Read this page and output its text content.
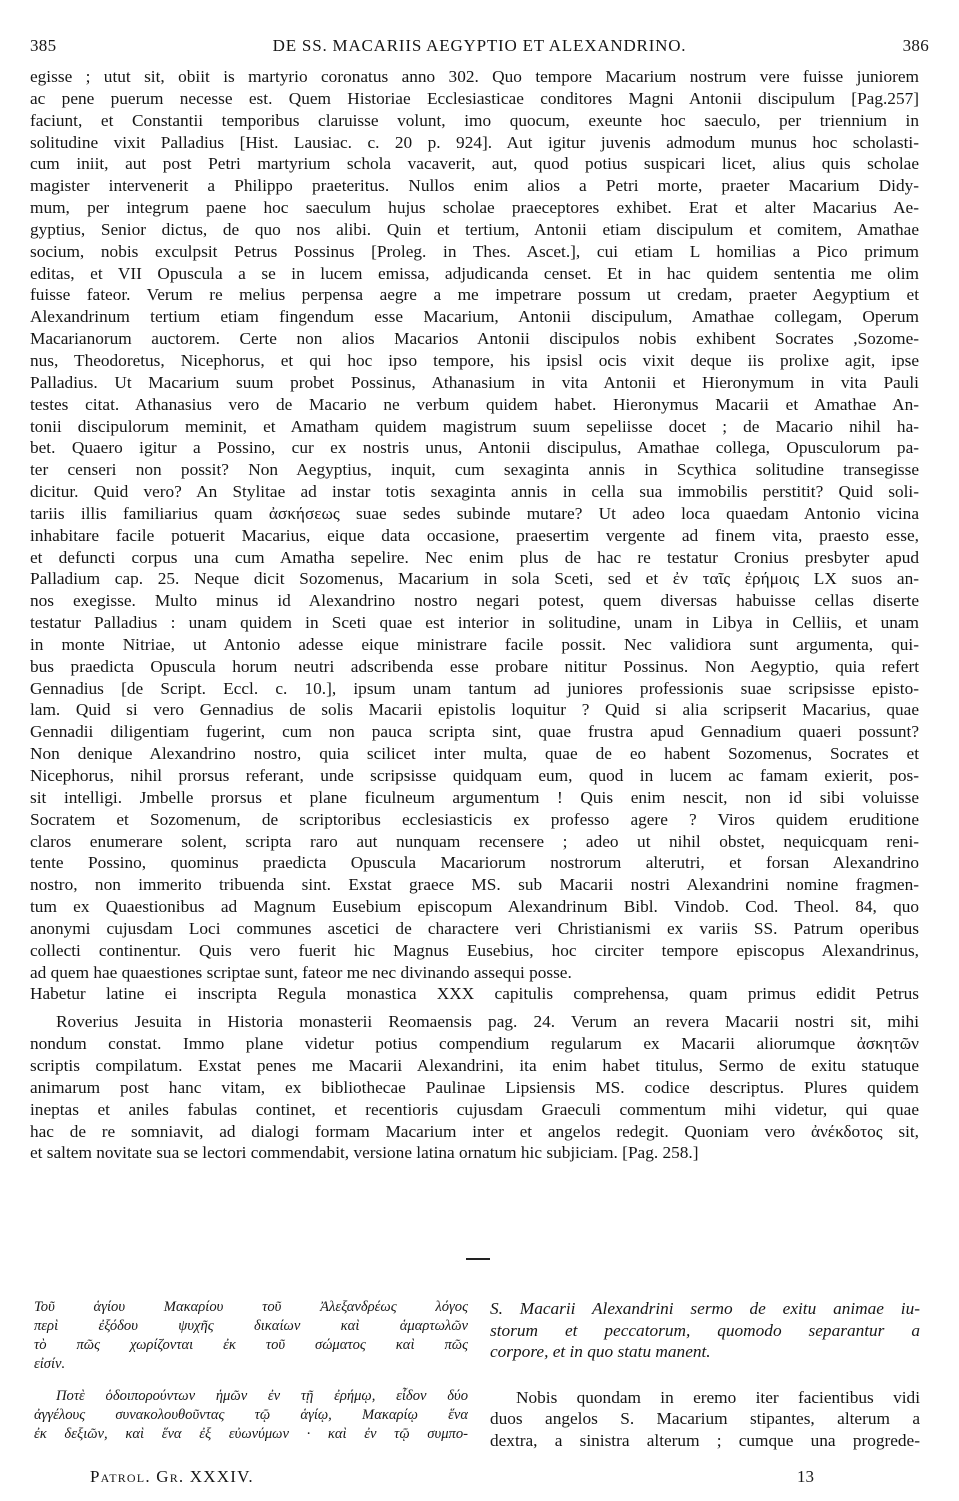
385	DE SS. MACARIIS AEGYPTIO ET ALEXANDRINO.	386
egisse ; utut sit, obiit is martyrio coronatus anno 302. Quo tempore Macarium nostrum vere fuisse juniorem
ac pene puerum necesse est. Quem Historiae Ecclesiasticae conditores Magni Antonii discipulum [Pag.257]
faciunt, et Constantii temporibus claruisse volunt, imo quocum, exeunte hoc saeculo, per triennium in
solitudine vixit Palladius [Hist. Lausiac. c. 20 p. 924]. Aut igitur juvenis admodum munus hoc scholasti-
cum iniit, aut post Petri martyrium schola vacaverit, aut, quod potius suspicari licet, alius quis scholae
magister intervenerit a Philippo praeteritus. Nullos enim alios a Petri morte, praeter Macarium Didy-
mum, per integrum paene hoc saeculum hujus scholae praeceptores exhibet. Erat et alter Macarius Ae-
gyptius, Senior dictus, de quo nos alibi. Quin et tertium, Antonii etiam discipulum et comitem, Amathae
socium, nobis exculpsit Petrus Possinus [Proleg. in Thes. Ascet.], cui etiam L homilias a Pico primum
editas, et VII Opuscula a se in lucem emissa, adjudicanda censet. Et in hac quidem sententia me olim
fuisse fateor. Verum re melius perpensa aegre a me impetrare possum ut credam, praeter Aegyptium et
Alexandrinum tertium etiam fingendum esse Macarium, Antonii discipulum, Amathae collegam, Operum
Macarianorum auctorem. Certe non alios Macarios Antonii discipulos nobis exhibent Socrates ,Sozome-
nus, Theodoretus, Nicephorus, et qui hoc ipso tempore, his ipsisl ocis vixit deque iis prolixe agit, ipse
Palladius. Ut Macarium suum probet Possinus, Athanasium in vita Antonii et Hieronymum in vita Pauli
testes citat. Athanasius vero de Macario ne verbum quidem habet. Hieronymus Macarii et Amathae An-
tonii discipulorum meminit, et Amatham quidem magistrum suum sepeliisse docet ; de Macario nihil ha-
bet. Quaero igitur a Possino, cur ex nostris unus, Antonii discipulus, Amathae collega, Opusculorum pa-
ter censeri non possit? Non Aegyptius, inquit, cum sexaginta annis in Scythica solitudine transegisse
dicitur. Quid vero? An Stylitae ad instar totis sexaginta annis in cella sua immobilis perstitit? Quid soli-
tariis illis familiarius quam ἀσκήσεως suae sedes subinde mutare? Ut adeo loca quaedam Antonio vicina
inhabitare facile potuerit Macarius, eique data occasione, praesertim vergente ad finem vita, praesto esse,
et defuncti corpus una cum Amatha sepelire. Nec enim plus de hac re testatur Cronius presbyter apud
Palladium cap. 25. Neque dicit Sozomenus, Macarium in sola Sceti, sed et ἐν ταῖς ἐρήμοις LX suos an-
nos exegisse. Multo minus id Alexandrino nostro negari potest, quem diversas habuisse cellas diserte
testatur Palladius : unam quidem in Sceti quae est interior in solitudine, unam in Libya in Celliis, et unam
in monte Nitriae, ut Antonio adesse eique ministrare facile possit. Nec validiora sunt argumenta, qui-
bus praedicta Opuscula horum neutri adscribenda esse probare nititur Possinus. Non Aegyptio, quia refert
Gennadius [de Script. Eccl. c. 10.], ipsum unam tantum ad juniores professionis suae scripsisse episto-
lam. Quid si vero Gennadius de solis Macarii epistolis loquitur ? Quid si alia scripserit Macarius, quae
Gennadii diligentiam fugerint, cum non pauca scripta sint, quae frustra apud Gennadium quaeri possunt?
Non denique Alexandrino nostro, quia scilicet inter multa, quae de eo habent Sozomenus, Socrates et
Nicephorus, nihil prorsus referant, unde scripsisse quidquam eum, quod in lucem ac famam exierit, pos-
sit intelligi. Jmbelle prorsus et plane ficulneum argumentum ! Quis enim nescit, non id sibi voluisse
Socratem et Sozomenum, de scriptoribus ecclesiasticis ex professo agere ? Viros quidem eruditione
claros enumerare solent, scripta raro aut nunquam recensere ; adeo ut nihil obstet, nequicquam reni-
tente Possino, quominus praedicta Opuscula Macariorum nostrorum alterutri, et forsan Alexandrino
nostro, non immerito tribuenda sint. Exstat graece MS. sub Macarii nostri Alexandrini nomine fragmen-
tum ex Quaestionibus ad Magnum Eusebium episcopum Alexandrinum Bibl. Vindob. Cod. Theol. 84, quo
anonymi cujusdam Loci communes ascetici de charactere veri Christianismi ex variis SS. Patrum operibus
collecti continentur. Quis vero fuerit hic Magnus Eusebius, hoc circiter tempore episcopus Alexandrinus,
ad quem hae quaestiones scriptae sunt, fateor me nec divinando assequi posse.
Habetur latine ei inscripta Regula monastica XXX capitulis comprehensa, quam primus edidit Petrus
Roverius Jesuita in Historia monasterii Reomaensis pag. 24. Verum an revera Macarii nostri sit, mihi
nondum constat. Immo plane videtur potius compendium regularum ex Macarii aliorumque ἀσκητῶν
scriptis compilatum. Exstat penes me Macarii Alexandrini, ita enim habet titulus, Sermo de exitu statuque
animarum post hanc vitam, ex bibliothecae Paulinae Lipsiensis MS. codice descriptus. Plures quidem
ineptas et aniles fabulas continet, et recentioris cujusdam Graeculi commentum mihi videtur, qui quae
hac de re somniavit, ad dialogi formam Macarium inter et angelos redegit. Quoniam vero ἀνέκδοτος sit,
et saltem novitate sua se lectori commendabit, versione latina ornatum hic subjiciam. [Pag. 258.]
Τοῦ ἁγίου Μακαρίου τοῦ Ἀλεξανδρέως λόγος
περὶ ἐξόδου ψυχῆς δικαίων καὶ ἁμαρτωλῶν
τὸ πῶς χωρίζονται ἐκ τοῦ σώματος καὶ πῶς
εἰσίν.
Ποτὲ ὁδοιπορούντων ἡμῶν ἐν τῇ ἐρήμῳ, εἶδον δύο
ἀγγέλους συνακολουθοῦντας τῷ ἁγίῳ, Μακαρίῳ ἕνα
ἐκ δεξιῶν, καὶ ἕνα ἐξ εὐωνύμων · καὶ ἐν τῷ συμπο-
S. Macarii Alexandrini sermo de exitu animae iu-
storum et peccatorum, quomodo separantur a
corpore, et in quo statu manent.
Nobis quondam in eremo iter facientibus vidi
duos angelos S. Macarium stipantes, alterum a
dextra, a sinistra alterum ; cumque una progrede-
Patrol. Gr. XXXIV.	13
